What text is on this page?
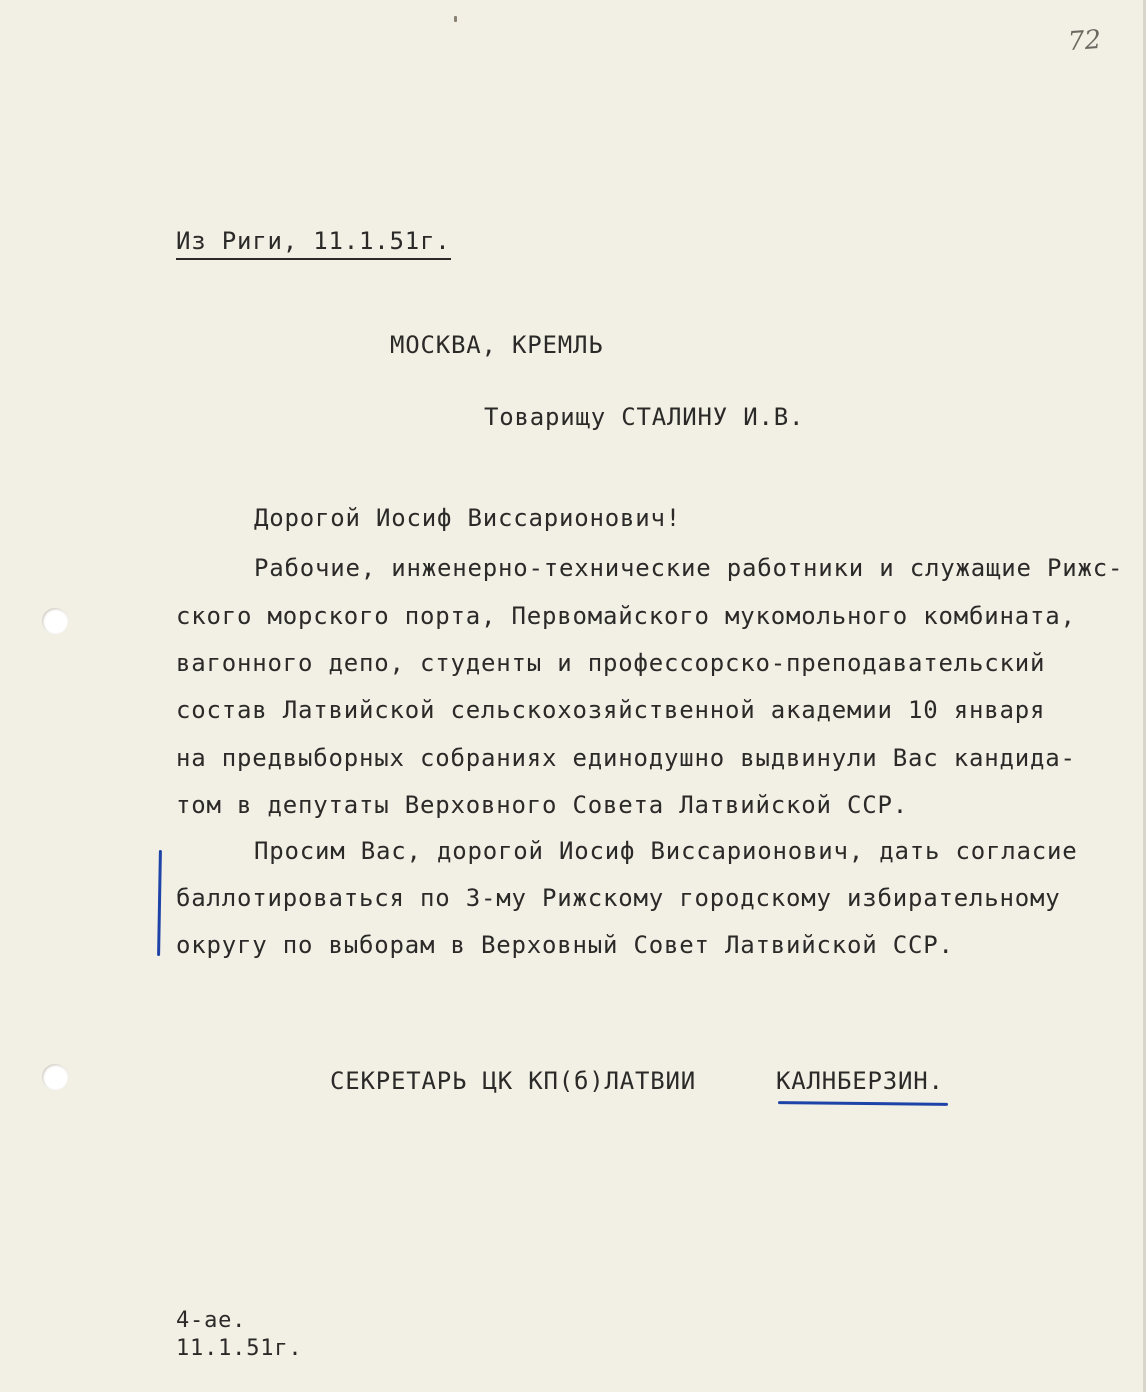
72

Из Риги, 11.1.51г.

МОСКВА, КРЕМЛЬ

Товарищу СТАЛИНУ И.В.

Дорогой Иосиф Виссарионович!

Рабочие, инженерно-технические работники и служащие Рижс-

ского морского порта, Первомайского мукомольного комбината,

вагонного депо, студенты и профессорско-преподавательский

состав Латвийской сельскохозяйственной академии 10 января

на предвыборных собраниях единодушно выдвинули Вас кандида-

том в депутаты Верховного Совета Латвийской ССР.

Просим Вас, дорогой Иосиф Виссарионович, дать согласие

баллотироваться по 3-му Рижскому городскому избирательному

округу по выборам в Верховный Совет Латвийской ССР.

СЕКРЕТАРЬ ЦК КП(б)ЛАТВИИ	КАЛНБЕРЗИН.

4-ае.

11.1.51г.
